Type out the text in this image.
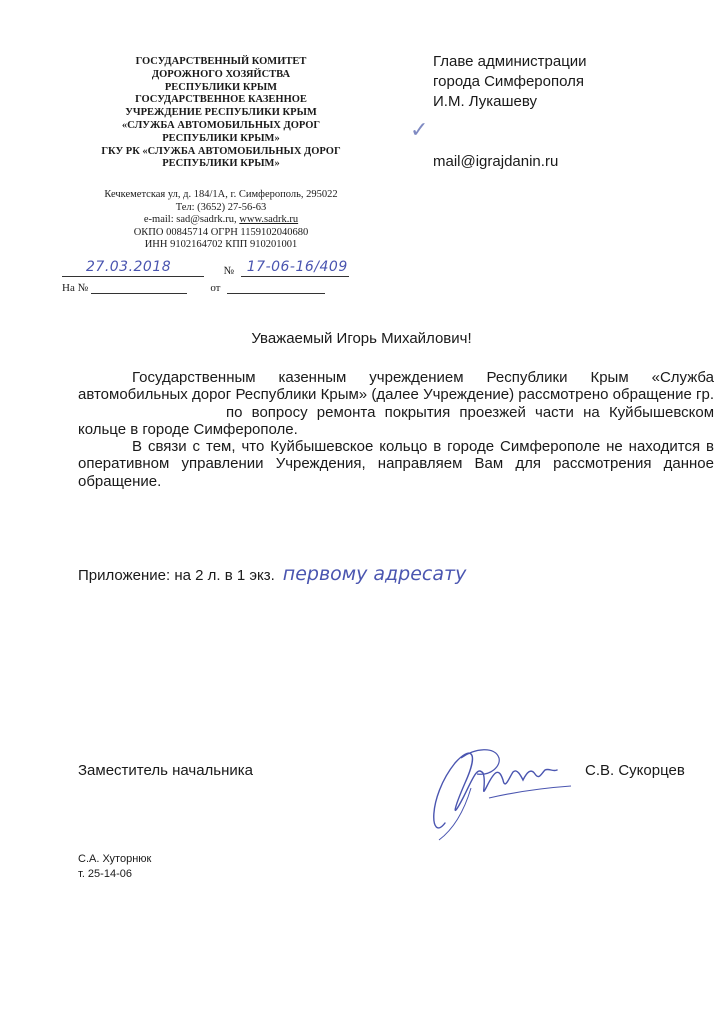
ГОСУДАРСТВЕННЫЙ КОМИТЕТ
ДОРОЖНОГО ХОЗЯЙСТВА
РЕСПУБЛИКИ КРЫМ
ГОСУДАРСТВЕННОЕ КАЗЕННОЕ
УЧРЕЖДЕНИЕ РЕСПУБЛИКИ КРЫМ
«СЛУЖБА АВТОМОБИЛЬНЫХ ДОРОГ
РЕСПУБЛИКИ КРЫМ»
ГКУ РК «СЛУЖБА АВТОМОБИЛЬНЫХ ДОРОГ
РЕСПУБЛИКИ КРЫМ»
Кечкеметская ул, д. 184/1А, г. Симферополь, 295022
Тел: (3652) 27-56-63
e-mail: sad@sadrk.ru, www.sadrk.ru
ОКПО 00845714 ОГРН 1159102040680
ИНН 9102164702 КПП 910201001
27.03.2018	№ 17-06-16/409
На №	от
Главе администрации
города Симферополя
И.М. Лукашеву
✓
mail@igrajdanin.ru
Уважаемый Игорь Михайлович!

Государственным казенным учреждением Республики Крым «Служба автомобильных дорог Республики Крым» (далее Учреждение) рассмотрено обращение гр.по вопросу ремонта покрытия проезжей части на Куйбышевском кольце в городе Симферополе.

В связи с тем, что Куйбышевское кольцо в городе Симферополе не находится в оперативном управлении Учреждения, направляем Вам для рассмотрения данное обращение.

Приложение: на 2 л. в 1 экз. первому адресату
Заместитель начальника	С.В. Сукорцев
С.А. Хуторнюк
т. 25-14-06
